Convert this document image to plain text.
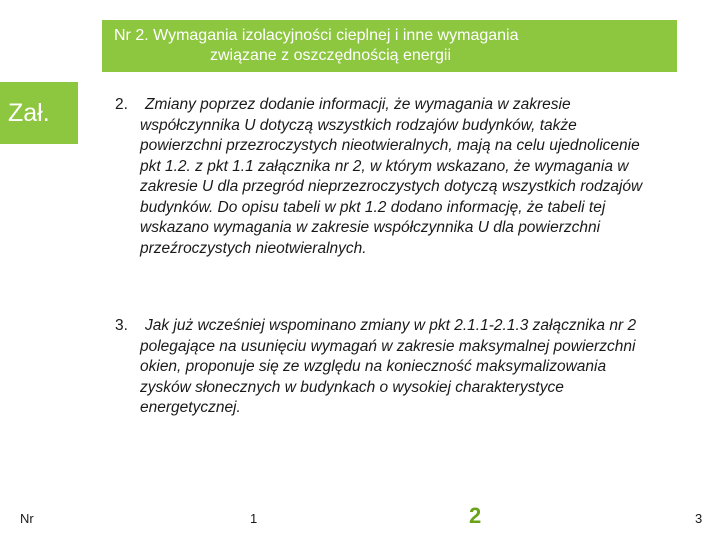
Nr 2. Wymagania izolacyjności cieplnej i inne wymagania
związane z oszczędnością energii
Zał.	2.	Zmiany poprzez dodanie informacji, że wymagania w zakresie współczynnika U dotyczą wszystkich rodzajów budynków, także powierzchni przezroczystych nieotwieralnych, mają na celu ujednolicenie pkt 1.2. z pkt 1.1 załącznika nr 2, w którym wskazano, że wymagania w zakresie U dla przegród nieprzezroczystych dotyczą wszystkich rodzajów budynków. Do opisu tabeli w pkt 1.2 dodano informację, że tabeli tej wskazano wymagania w zakresie współczynnika U dla powierzchni przeźroczystych nieotwieralnych.
3.	Jak już wcześniej wspominano zmiany w pkt 2.1.1-2.1.3 załącznika nr 2 polegające na usunięciu wymagań w zakresie maksymalnej powierzchni okien, proponuje się ze względu na konieczność maksymalizowania zysków słonecznych w budynkach o wysokiej charakterystyce energetycznej.
Nr	1	2	3
